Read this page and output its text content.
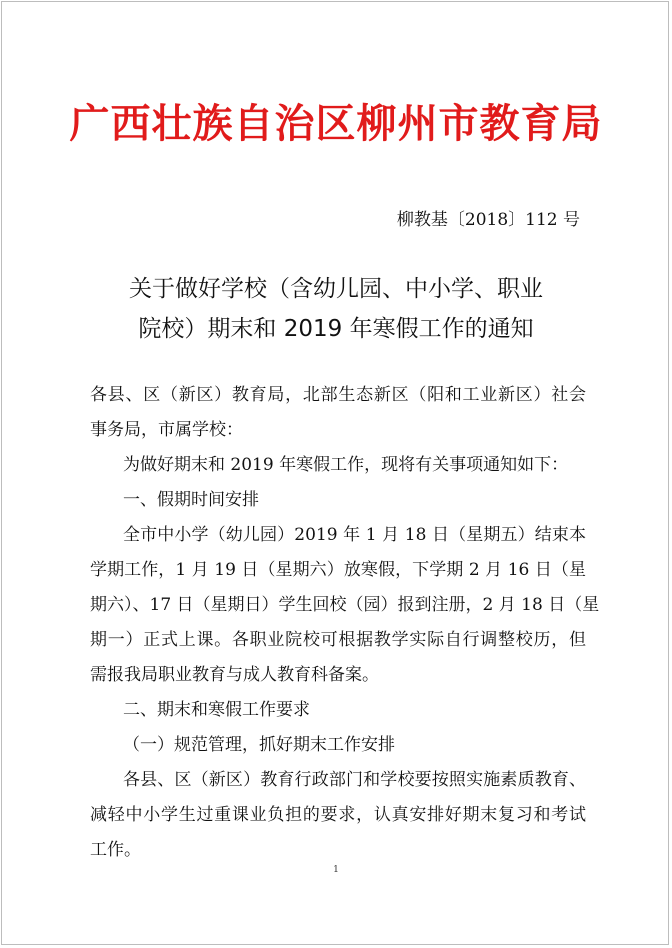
广西壮族自治区柳州市教育局
柳教基〔2018〕112 号
关于做好学校（含幼儿园、中小学、职业
院校）期末和 2019 年寒假工作的通知
各县、区（新区）教育局，北部生态新区（阳和工业新区）社会
事务局，市属学校：
为做好期末和 2019 年寒假工作，现将有关事项通知如下：
一、假期时间安排
全市中小学（幼儿园）2019 年 1 月 18 日（星期五）结束本
学期工作，1 月 19 日（星期六）放寒假，下学期 2 月 16 日（星
期六）、17 日（星期日）学生回校（园）报到注册，2 月 18 日（星
期一）正式上课。各职业院校可根据教学实际自行调整校历，但
需报我局职业教育与成人教育科备案。
二、期末和寒假工作要求
（一）规范管理，抓好期末工作安排
各县、区（新区）教育行政部门和学校要按照实施素质教育、
减轻中小学生过重课业负担的要求，认真安排好期末复习和考试
工作。
1
